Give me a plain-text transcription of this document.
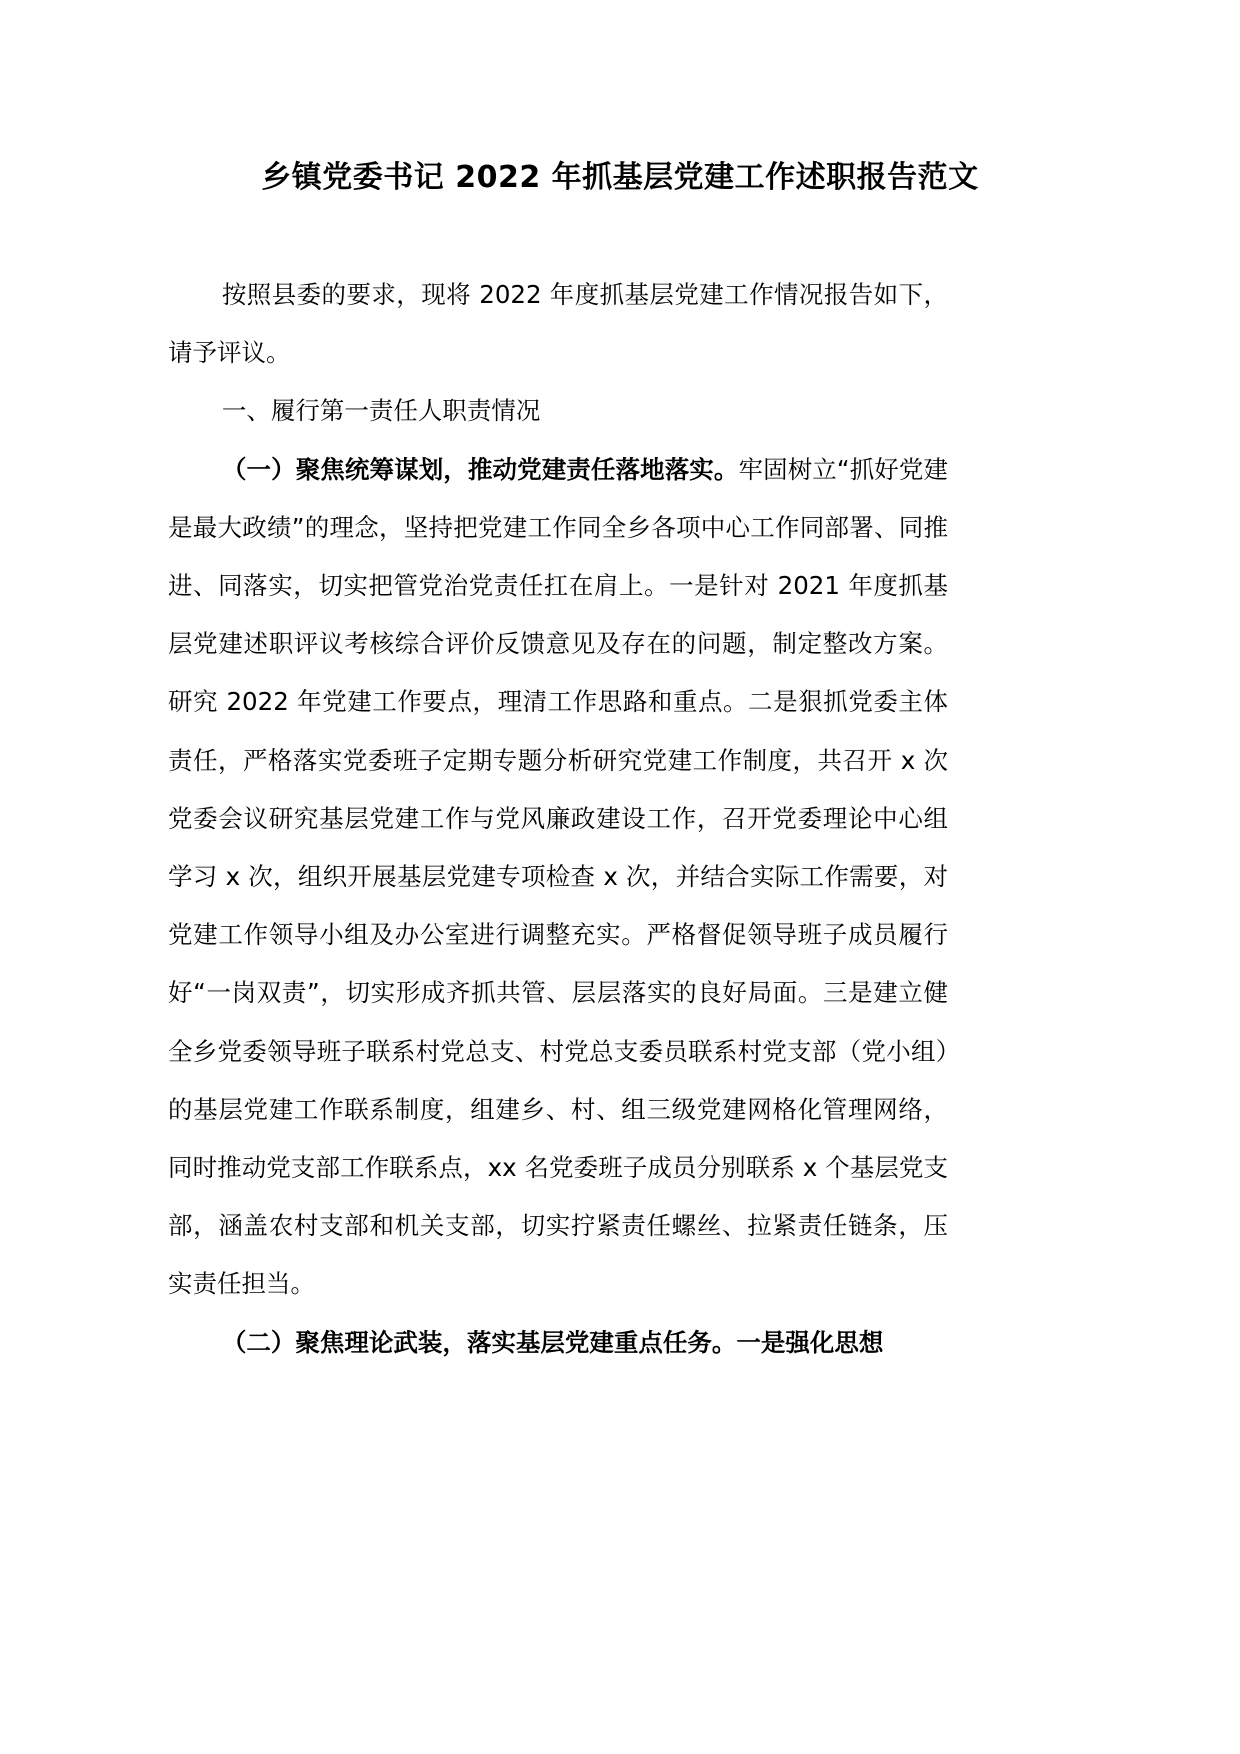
乡镇党委书记 2022 年抓基层党建工作述职报告范文

按照县委的要求，现将 2022 年度抓基层党建工作情况报告如下，请予评议。

一、履行第一责任人职责情况

（一）聚焦统筹谋划，推动党建责任落地落实。牢固树立“抓好党建是最大政绩”的理念，坚持把党建工作同全乡各项中心工作同部署、同推进、同落实，切实把管党治党责任扛在肩上。一是针对 2021 年度抓基层党建述职评议考核综合评价反馈意见及存在的问题，制定整改方案。研究 2022 年党建工作要点，理清工作思路和重点。二是狠抓党委主体责任，严格落实党委班子定期专题分析研究党建工作制度，共召开 x 次党委会议研究基层党建工作与党风廉政建设工作，召开党委理论中心组学习 x 次，组织开展基层党建专项检查 x 次，并结合实际工作需要，对党建工作领导小组及办公室进行调整充实。严格督促领导班子成员履行好“一岗双责”，切实形成齐抓共管、层层落实的良好局面。三是建立健全乡党委领导班子联系村党总支、村党总支委员联系村党支部（党小组）的基层党建工作联系制度，组建乡、村、组三级党建网格化管理网络，同时推动党支部工作联系点，xx 名党委班子成员分别联系 x 个基层党支部，涵盖农村支部和机关支部，切实拧紧责任螺丝、拉紧责任链条，压实责任担当。

（二）聚焦理论武装，落实基层党建重点任务。一是强化思想
